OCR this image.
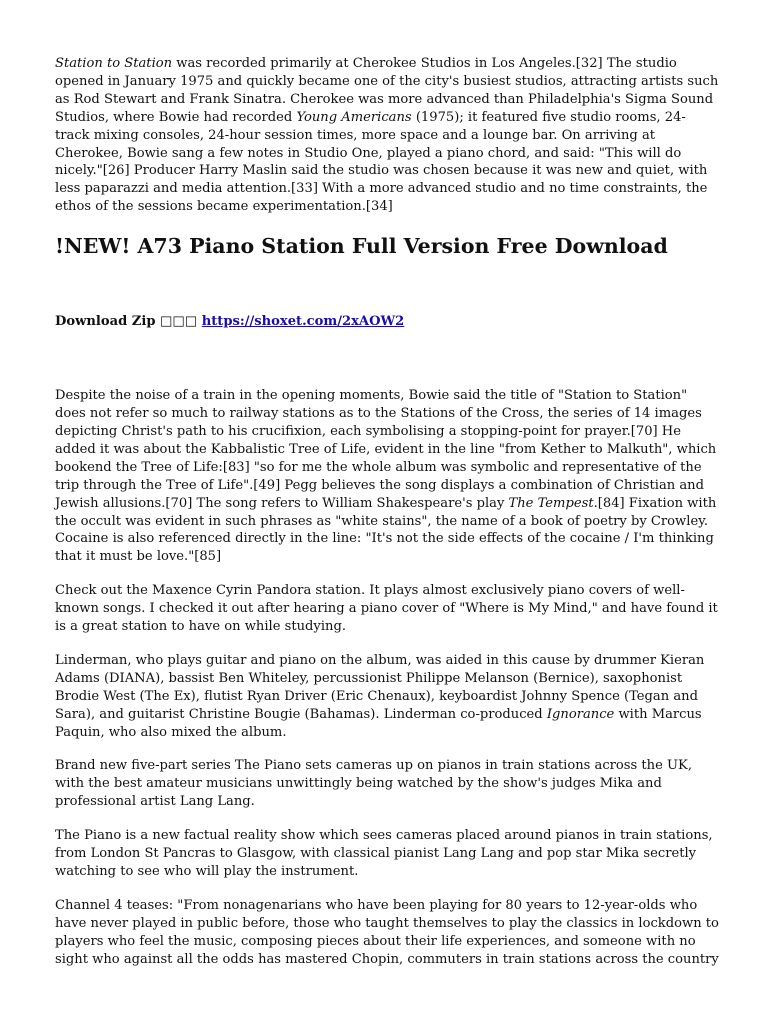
Station to Station was recorded primarily at Cherokee Studios in Los Angeles.[32] The studio opened in January 1975 and quickly became one of the city's busiest studios, attracting artists such as Rod Stewart and Frank Sinatra. Cherokee was more advanced than Philadelphia's Sigma Sound Studios, where Bowie had recorded Young Americans (1975); it featured five studio rooms, 24-track mixing consoles, 24-hour session times, more space and a lounge bar. On arriving at Cherokee, Bowie sang a few notes in Studio One, played a piano chord, and said: "This will do nicely."[26] Producer Harry Maslin said the studio was chosen because it was new and quiet, with less paparazzi and media attention.[33] With a more advanced studio and no time constraints, the ethos of the sessions became experimentation.[34]

!NEW! A73 Piano Station Full Version Free Download
Download Zip □□□ https://shoxet.com/2xAOW2

Despite the noise of a train in the opening moments, Bowie said the title of "Station to Station" does not refer so much to railway stations as to the Stations of the Cross, the series of 14 images depicting Christ's path to his crucifixion, each symbolising a stopping-point for prayer.[70] He added it was about the Kabbalistic Tree of Life, evident in the line "from Kether to Malkuth", which bookend the Tree of Life:[83] "so for me the whole album was symbolic and representative of the trip through the Tree of Life".[49] Pegg believes the song displays a combination of Christian and Jewish allusions.[70] The song refers to William Shakespeare's play The Tempest.[84] Fixation with the occult was evident in such phrases as "white stains", the name of a book of poetry by Crowley. Cocaine is also referenced directly in the line: "It's not the side effects of the cocaine / I'm thinking that it must be love."[85]

Check out the Maxence Cyrin Pandora station. It plays almost exclusively piano covers of well-known songs. I checked it out after hearing a piano cover of "Where is My Mind," and have found it is a great station to have on while studying.

Linderman, who plays guitar and piano on the album, was aided in this cause by drummer Kieran Adams (DIANA), bassist Ben Whiteley, percussionist Philippe Melanson (Bernice), saxophonist Brodie West (The Ex), flutist Ryan Driver (Eric Chenaux), keyboardist Johnny Spence (Tegan and Sara), and guitarist Christine Bougie (Bahamas). Linderman co-produced Ignorance with Marcus Paquin, who also mixed the album.

Brand new five-part series The Piano sets cameras up on pianos in train stations across the UK, with the best amateur musicians unwittingly being watched by the show's judges Mika and professional artist Lang Lang.

The Piano is a new factual reality show which sees cameras placed around pianos in train stations, from London St Pancras to Glasgow, with classical pianist Lang Lang and pop star Mika secretly watching to see who will play the instrument.

Channel 4 teases: "From nonagenarians who have been playing for 80 years to 12-year-olds who have never played in public before, those who taught themselves to play the classics in lockdown to players who feel the music, composing pieces about their life experiences, and someone with no sight who against all the odds has mastered Chopin, commuters in train stations across the country
